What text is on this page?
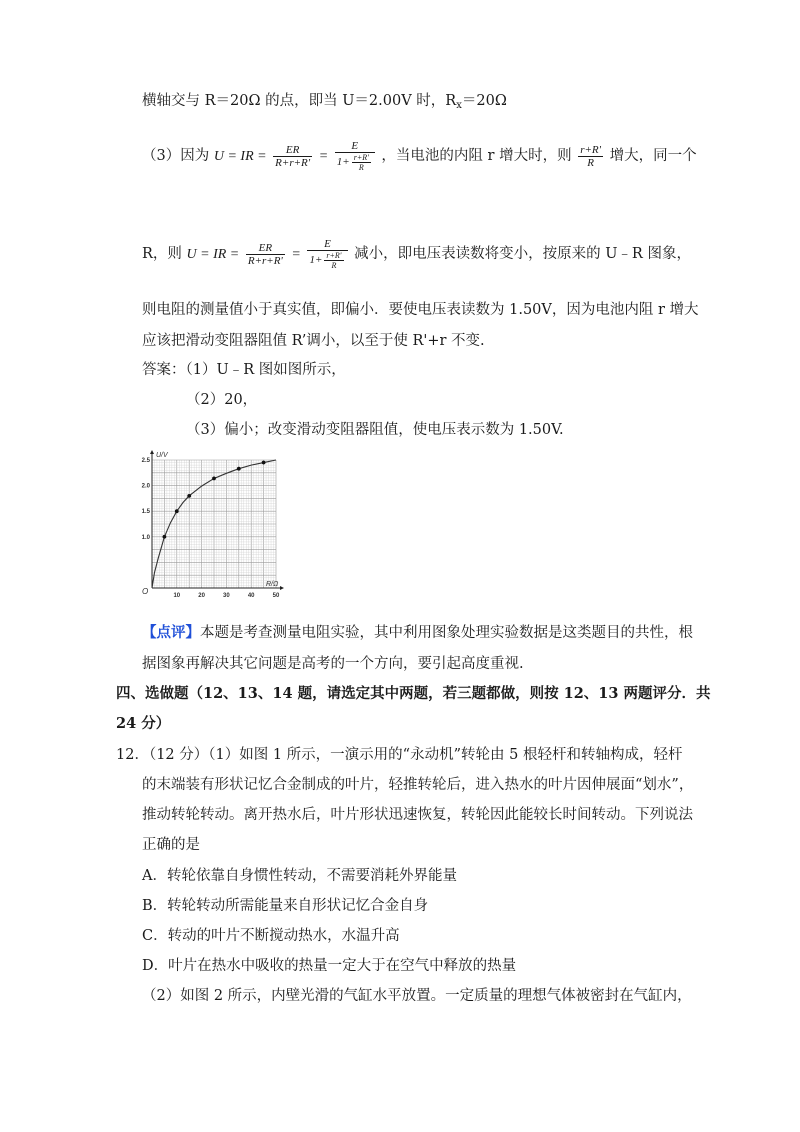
横轴交与 R＝20Ω 的点，即当 U＝2.00V 时，$R_x=20\Omega$
（3）因为 U = IR = $\frac{ER}{R+r+R'} = \frac{E}{1+ \frac{r+R'}{R}}$ ，当电池的内阻 r 增大时，则 $\frac{r+R'}{R}$ 增大，同一个
R，则 U = IR = $\frac{ER}{R+r+R'} = \frac{E}{1+ \frac{r+R'}{R}}$ 减小，即电压表读数将变小，按原来的 U﹣R 图象，
则电阻的测量值小于真实值，即偏小．要使电压表读数为 1.50V，因为电池内阻 r 增大
应该把滑动变阻器阻值 R’调小，以至于使 R'+r 不变.
答案：（1）U﹣R 图如图所示，
（2）20，
（3）偏小；改变滑动变阻器阻值，使电压表示数为 1.50V.
10	20	30	40	50
1.0
1.5
2.0
2.5
U/V
R/Ω
O
【点评】本题是考查测量电阻实验，其中利用图象处理实验数据是这类题目的共性，根
据图象再解决其它问题是高考的一个方向，要引起高度重视.
四、选做题（12、13、14 题，请选定其中两题，若三题都做，则按 12、13 两题评分．共
24 分）
12．（12 分）（1）如图 1 所示，一演示用的“永动机”转轮由 5 根轻杆和转轴构成，轻杆
的末端装有形状记忆合金制成的叶片，轻推转轮后，进入热水的叶片因伸展面“划水”，
推动转轮转动。离开热水后，叶片形状迅速恢复，转轮因此能较长时间转动。下列说法
正确的是
A．转轮依靠自身惯性转动，不需要消耗外界能量
B．转轮转动所需能量来自形状记忆合金自身
C．转动的叶片不断搅动热水，水温升高
D．叶片在热水中吸收的热量一定大于在空气中释放的热量
（2）如图 2 所示，内壁光滑的气缸水平放置。一定质量的理想气体被密封在气缸内，
